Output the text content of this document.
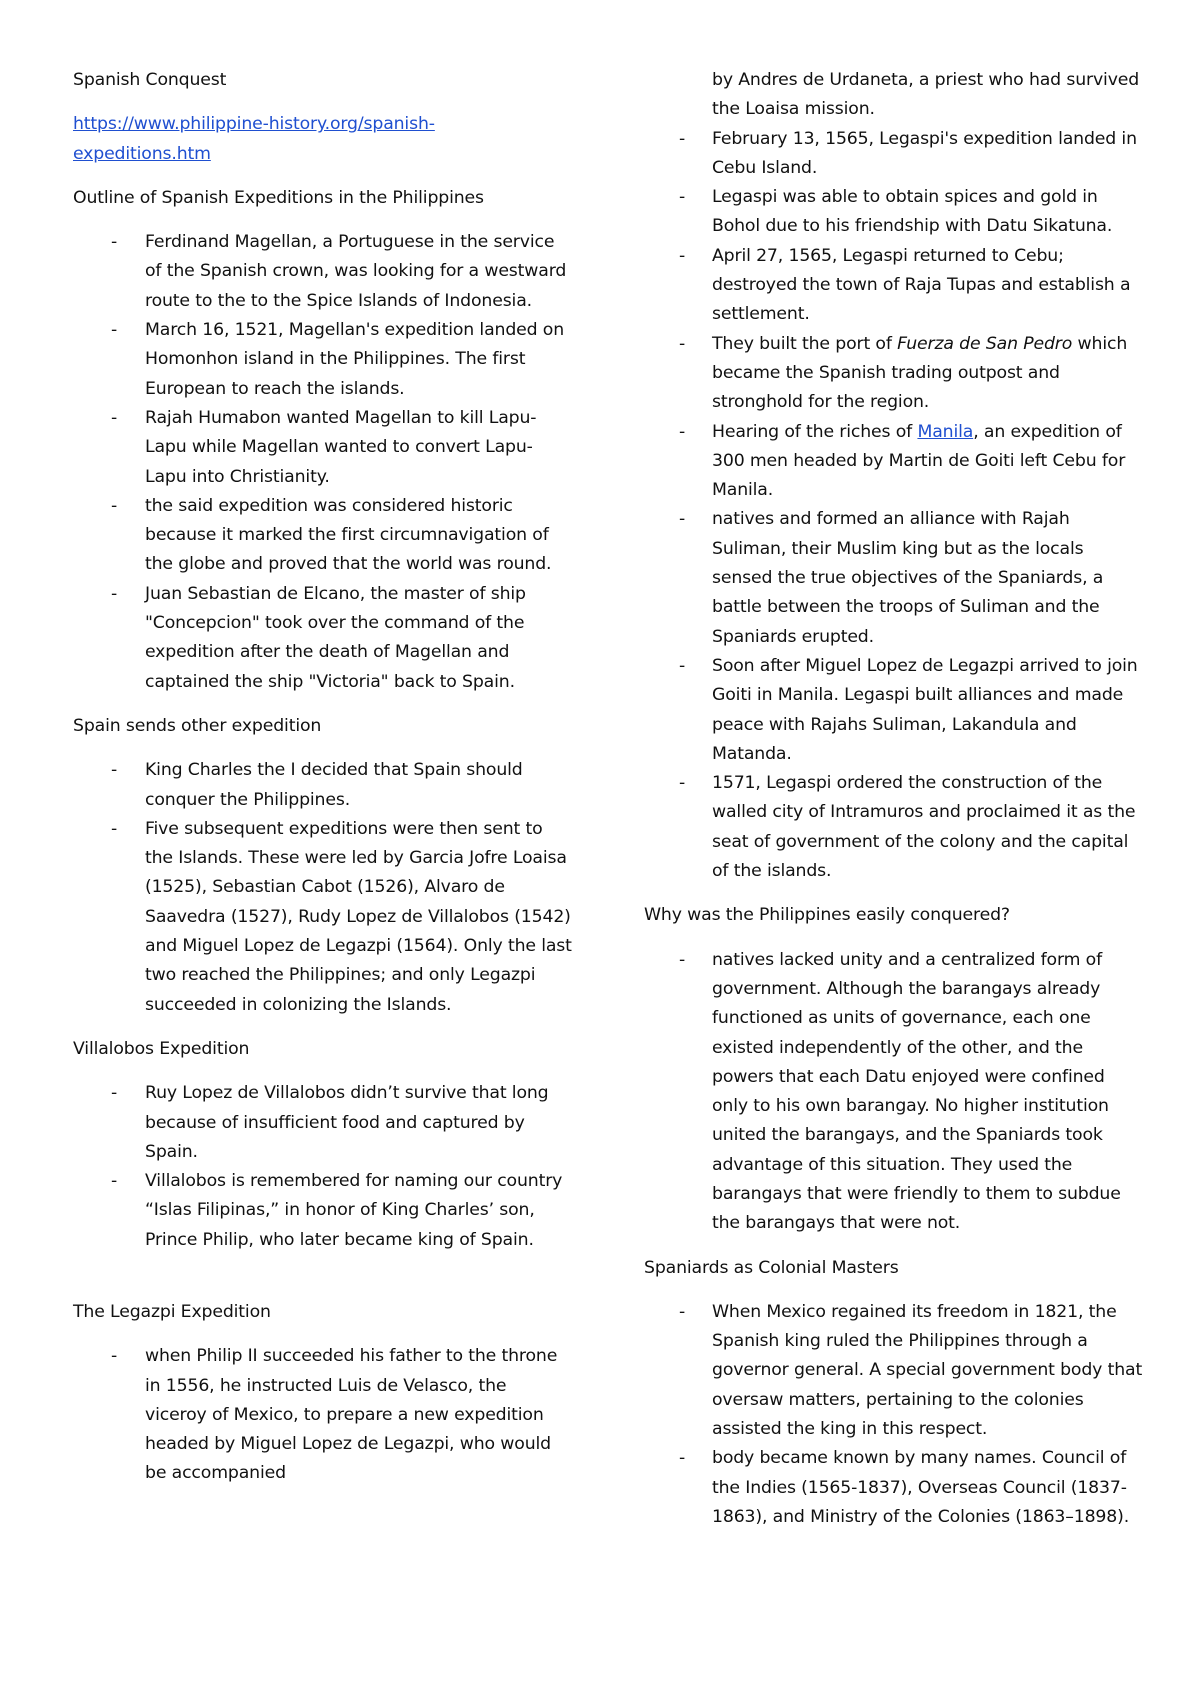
Spanish Conquest

https://www.philippine-history.org/spanish-
expeditions.htm

Outline of Spanish Expeditions in the Philippines

- Ferdinand Magellan, a Portuguese in the service of the Spanish crown, was looking for a westward route to the to the Spice Islands of Indonesia.
- March 16, 1521, Magellan's expedition landed on Homonhon island in the Philippines. The first European to reach the islands.
- Rajah Humabon wanted Magellan to kill Lapu-Lapu while Magellan wanted to convert Lapu-Lapu into Christianity.
- the said expedition was considered historic because it marked the first circumnavigation of the globe and proved that the world was round.
- Juan Sebastian de Elcano, the master of ship "Concepcion" took over the command of the expedition after the death of Magellan and captained the ship "Victoria" back to Spain.

Spain sends other expedition

- King Charles the I decided that Spain should conquer the Philippines.
- Five subsequent expeditions were then sent to the Islands. These were led by Garcia Jofre Loaisa (1525), Sebastian Cabot (1526), Alvaro de Saavedra (1527), Rudy Lopez de Villalobos (1542) and Miguel Lopez de Legazpi (1564). Only the last two reached the Philippines; and only Legazpi succeeded in colonizing the Islands.

Villalobos Expedition

- Ruy Lopez de Villalobos didn’t survive that long because of insufficient food and captured by Spain.
- Villalobos is remembered for naming our country “Islas Filipinas,” in honor of King Charles’ son, Prince Philip, who later became king of Spain.

The Legazpi Expedition

- when Philip II succeeded his father to the throne in 1556, he instructed Luis de Velasco, the viceroy of Mexico, to prepare a new expedition headed by Miguel Lopez de Legazpi, who would be accompanied
by Andres de Urdaneta, a priest who had survived the Loaisa mission.
- February 13, 1565, Legaspi's expedition landed in Cebu Island.
- Legaspi was able to obtain spices and gold in Bohol due to his friendship with Datu Sikatuna.
- April 27, 1565, Legaspi returned to Cebu; destroyed the town of Raja Tupas and establish a settlement.
- They built the port of Fuerza de San Pedro which became the Spanish trading outpost and stronghold for the region.
- Hearing of the riches of Manila, an expedition of 300 men headed by Martin de Goiti left Cebu for Manila.
- natives and formed an alliance with Rajah Suliman, their Muslim king but as the locals sensed the true objectives of the Spaniards, a battle between the troops of Suliman and the Spaniards erupted.
- Soon after Miguel Lopez de Legazpi arrived to join Goiti in Manila. Legaspi built alliances and made peace with Rajahs Suliman, Lakandula and Matanda.
- 1571, Legaspi ordered the construction of the walled city of Intramuros and proclaimed it as the seat of government of the colony and the capital of the islands.

Why was the Philippines easily conquered?

- natives lacked unity and a centralized form of government. Although the barangays already functioned as units of governance, each one existed independently of the other, and the powers that each Datu enjoyed were confined only to his own barangay. No higher institution united the barangays, and the Spaniards took advantage of this situation. They used the barangays that were friendly to them to subdue the barangays that were not.

Spaniards as Colonial Masters

- When Mexico regained its freedom in 1821, the Spanish king ruled the Philippines through a governor general. A special government body that oversaw matters, pertaining to the colonies assisted the king in this respect.
- body became known by many names. Council of the Indies (1565-1837), Overseas Council (1837-1863), and Ministry of the Colonies (1863–1898).
